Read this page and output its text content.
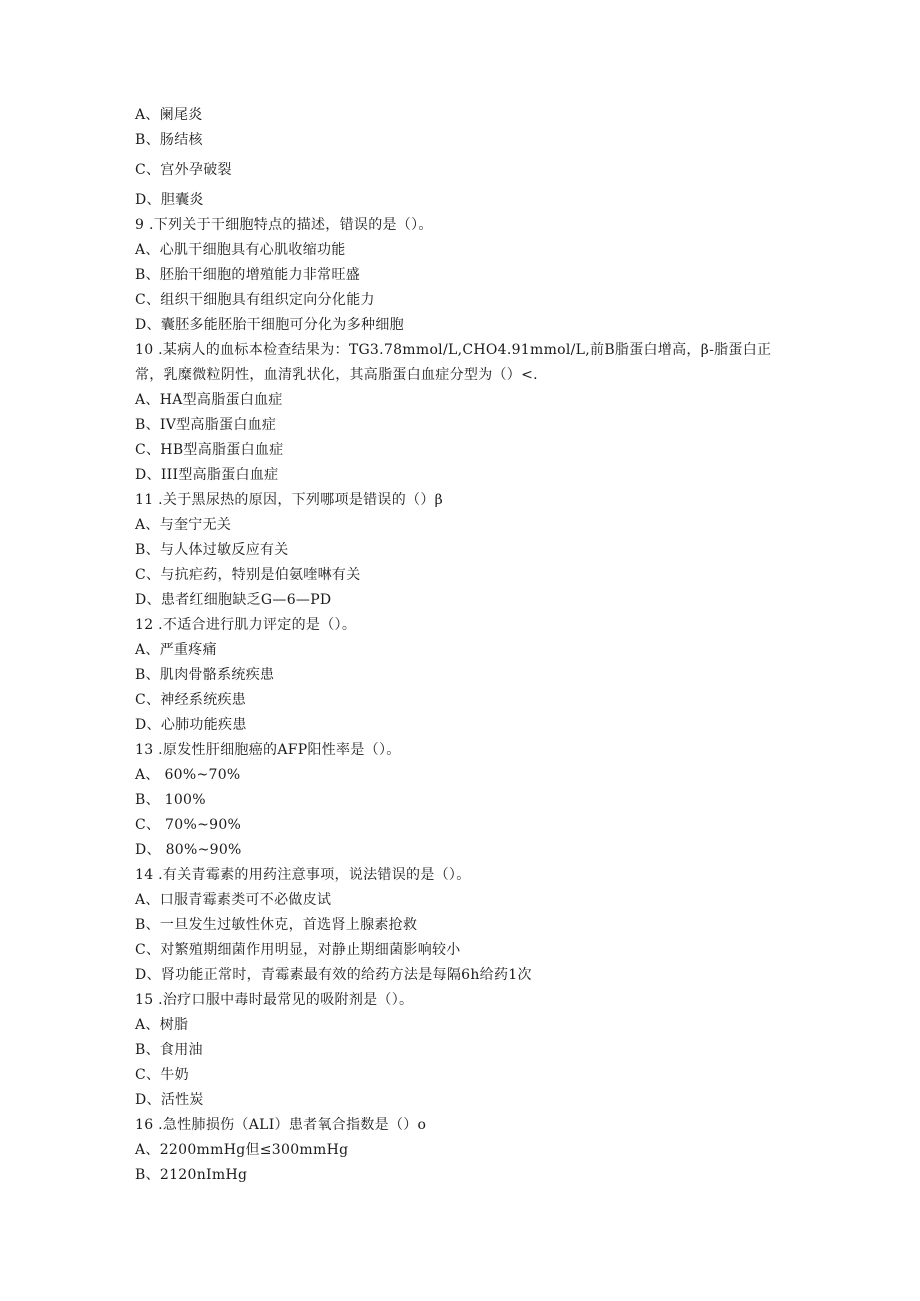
A、阑尾炎
B、肠结核
C、宫外孕破裂
D、胆囊炎
9 .下列关于干细胞特点的描述，错误的是（）。
A、心肌干细胞具有心肌收缩功能
B、胚胎干细胞的增殖能力非常旺盛
C、组织干细胞具有组织定向分化能力
D、囊胚多能胚胎干细胞可分化为多种细胞
10 .某病人的血标本检查结果为：TG3.78mmol/L,CHO4.91mmol/L,前B脂蛋白增高，β-脂蛋白正常，乳糜微粒阴性，血清乳状化，其高脂蛋白血症分型为（）<.
A、HA型高脂蛋白血症
B、IV型高脂蛋白血症
C、HB型高脂蛋白血症
D、III型高脂蛋白血症
11 .关于黑尿热的原因，下列哪项是错误的（）β
A、与奎宁无关
B、与人体过敏反应有关
C、与抗疟药，特别是伯氨喹啉有关
D、患者红细胞缺乏G—6—PD
12 .不适合进行肌力评定的是（）。
A、严重疼痛
B、肌肉骨骼系统疾患
C、神经系统疾患
D、心肺功能疾患
13 .原发性肝细胞癌的AFP阳性率是（）。
A、 60%~70%
B、 100%
C、 70%~90%
D、 80%~90%
14 .有关青霉素的用药注意事项，说法错误的是（）。
A、口服青霉素类可不必做皮试
B、一旦发生过敏性休克，首选肾上腺素抢救
C、对繁殖期细菌作用明显，对静止期细菌影响较小
D、肾功能正常时，青霉素最有效的给药方法是每隔6h给药1次
15 .治疗口服中毒时最常见的吸附剂是（）。
A、树脂
B、食用油
C、牛奶
D、活性炭
16 .急性肺损伤（ALI）患者氧合指数是（）o
A、2200mmHg但≤300mmHg
B、2120nImHg
